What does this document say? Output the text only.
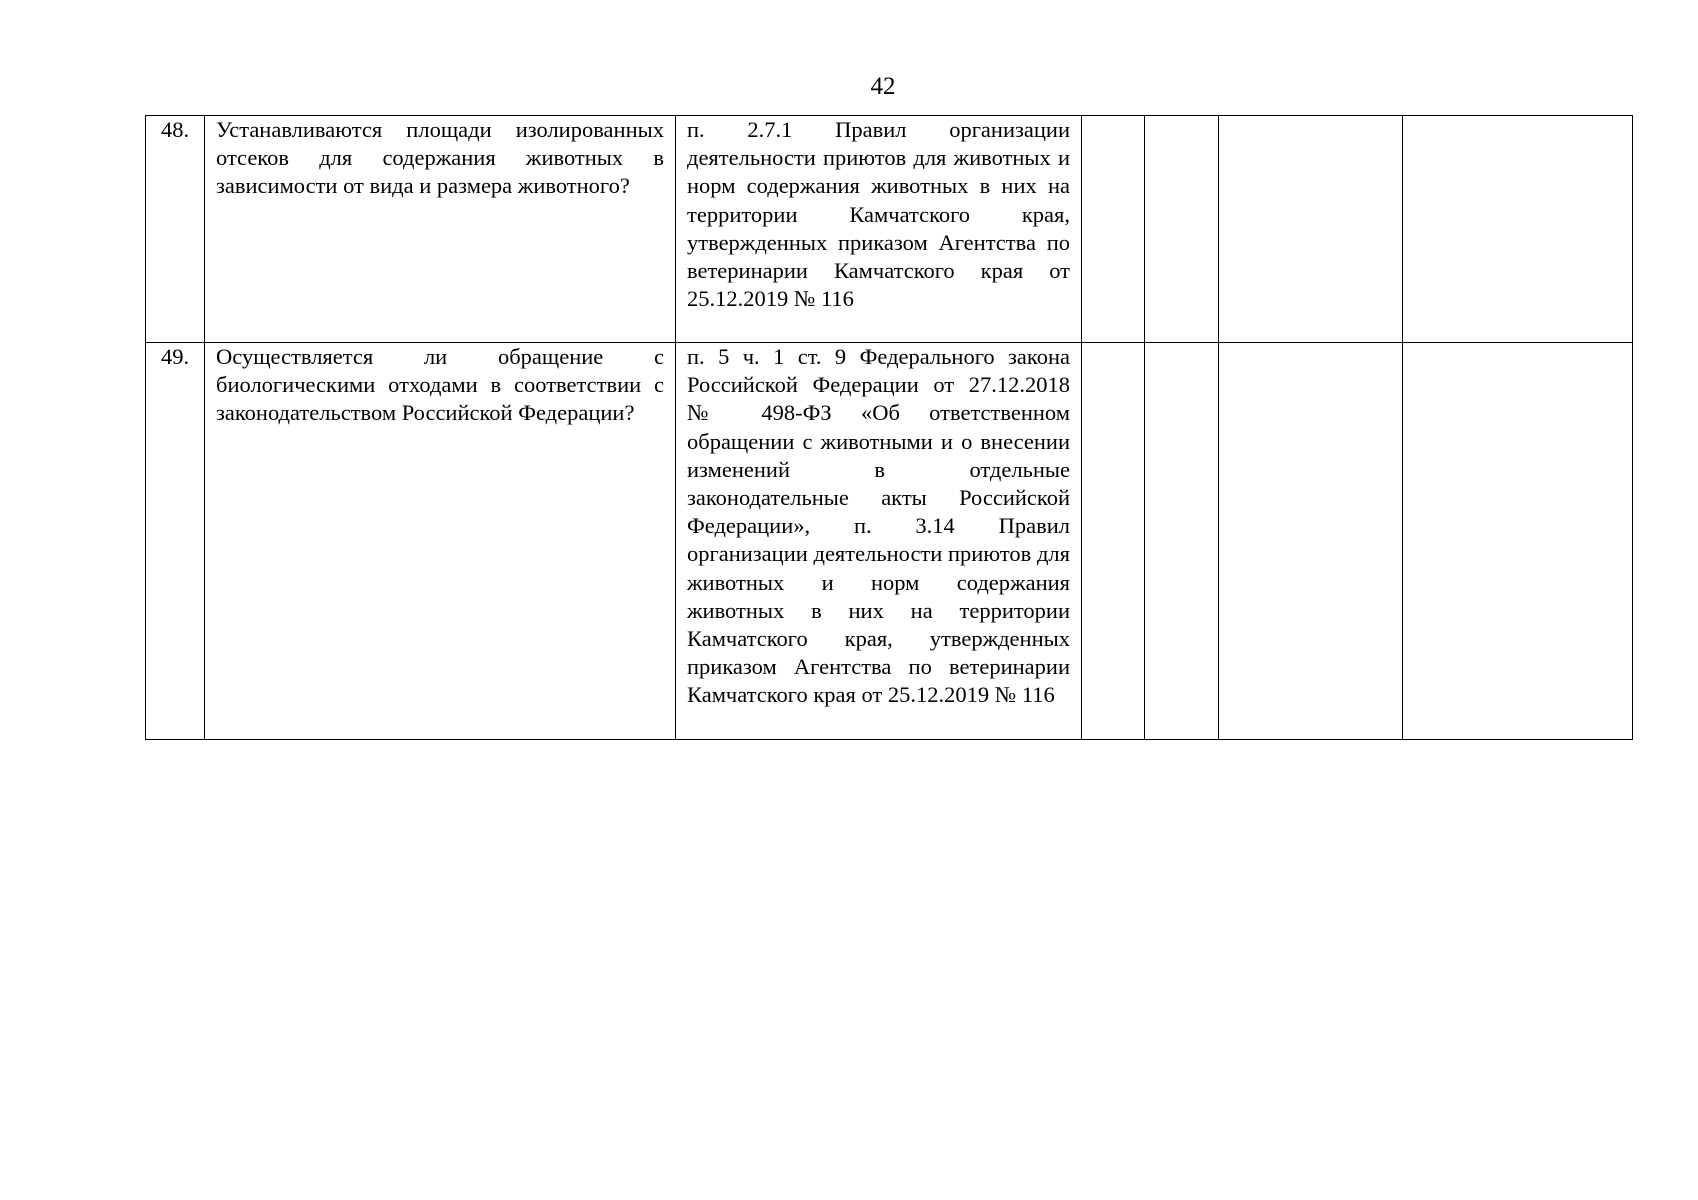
42
48.	Устанавливаются площади изолированных отсеков для содержания животных в зависимости от вида и размера животного?	п. 2.7.1 Правил организации деятельности приютов для животных и норм содержания животных в них на территории Камчатского края, утвержденных приказом Агентства по ветеринарии Камчатского края от 25.12.2019 № 116				
49.	Осуществляется ли обращение с биологическими отходами в соответствии с законодательством Российской Федерации?	п. 5 ч. 1 ст. 9 Федерального закона Российской Федерации от 27.12.2018 № 498-ФЗ «Об ответственном обращении с животными и о внесении изменений в отдельные законодательные акты Российской Федерации», п. 3.14 Правил организации деятельности приютов для животных и норм содержания животных в них на территории Камчатского края, утвержденных приказом Агентства по ветеринарии Камчатского края от 25.12.2019 № 116				
